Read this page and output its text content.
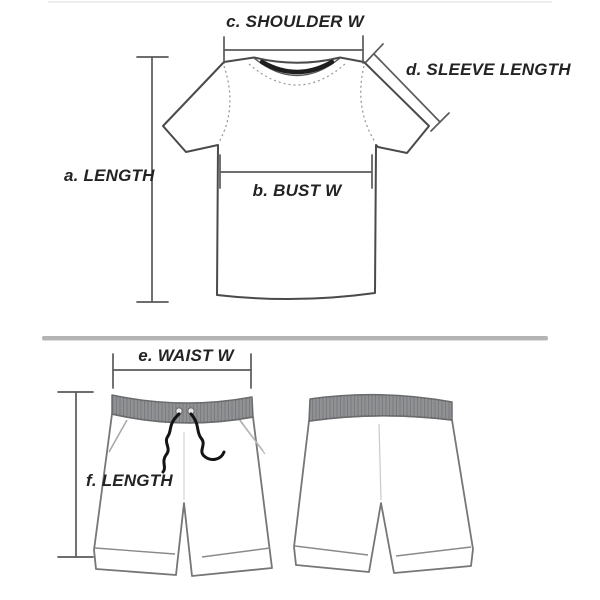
c. SHOULDER W
d. SLEEVE LENGTH
a. LENGTH
b. BUST W
e. WAIST W
f. LENGTH
